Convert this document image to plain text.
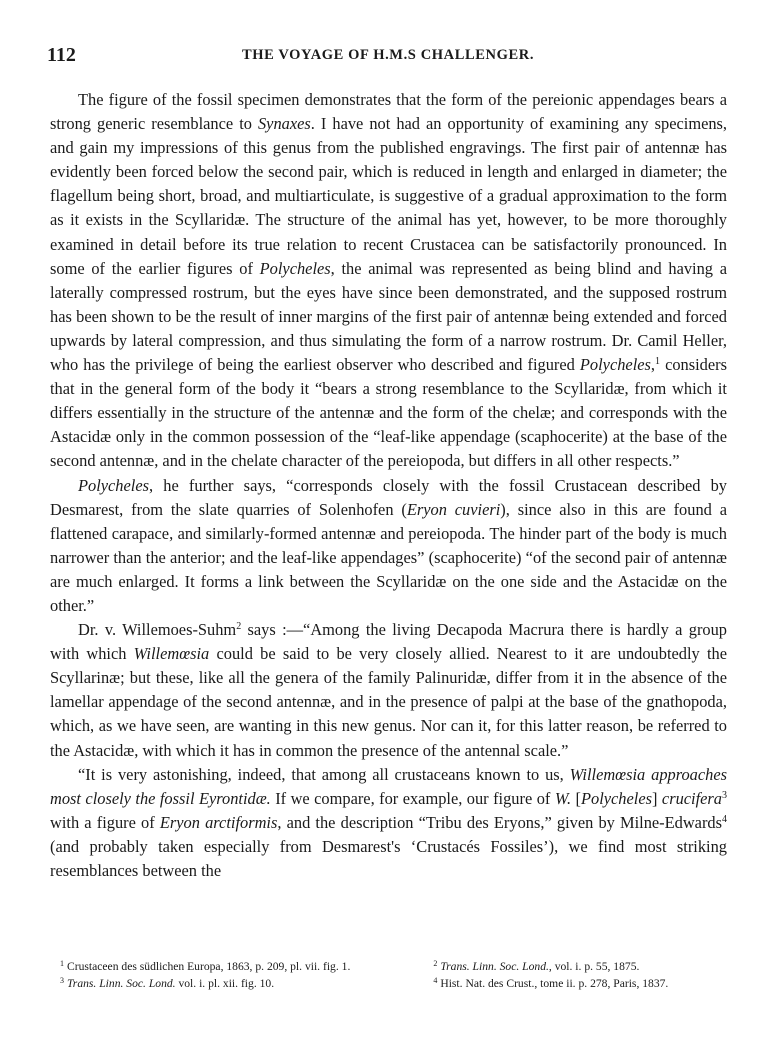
112	THE VOYAGE OF H.M.S CHALLENGER.

The figure of the fossil specimen demonstrates that the form of the pereionic appendages bears a strong generic resemblance to Synaxes. I have not had an opportunity of examining any specimens, and gain my impressions of this genus from the published engravings. The first pair of antennæ has evidently been forced below the second pair, which is reduced in length and enlarged in diameter; the flagellum being short, broad, and multiarticulate, is suggestive of a gradual approximation to the form as it exists in the Scyllaridæ. The structure of the animal has yet, however, to be more thoroughly examined in detail before its true relation to recent Crustacea can be satisfactorily pronounced. In some of the earlier figures of Polycheles, the animal was represented as being blind and having a laterally compressed rostrum, but the eyes have since been demonstrated, and the supposed rostrum has been shown to be the result of inner margins of the first pair of antennæ being extended and forced upwards by lateral compression, and thus simulating the form of a narrow rostrum. Dr. Camil Heller, who has the privilege of being the earliest observer who described and figured Polycheles,$^1$ considers that in the general form of the body it “bears a strong resemblance to the Scyllaridæ, from which it differs essentially in the structure of the antennæ and the form of the chelæ; and corresponds with the Astacidæ only in the common possession of the “leaf-like appendage (scaphocerite) at the base of the second antennæ, and in the chelate character of the pereiopoda, but differs in all other respects.”

Polycheles, he further says, “corresponds closely with the fossil Crustacean described by Desmarest, from the slate quarries of Solenhofen (Eryon cuvieri), since also in this are found a flattened carapace, and similarly-formed antennæ and pereiopoda. The hinder part of the body is much narrower than the anterior; and the leaf-like appendages” (scaphocerite) “of the second pair of antennæ are much enlarged. It forms a link between the Scyllaridæ on the one side and the Astacidæ on the other.”

Dr. v. Willemoes-Suhm$^2$ says :—“Among the living Decapoda Macrura there is hardly a group with which Willemœsia could be said to be very closely allied. Nearest to it are undoubtedly the Scyllarinæ; but these, like all the genera of the family Palinuridæ, differ from it in the absence of the lamellar appendage of the second antennæ, and in the presence of palpi at the base of the gnathopoda, which, as we have seen, are wanting in this new genus. Nor can it, for this latter reason, be referred to the Astacidæ, with which it has in common the presence of the antennal scale.”

“It is very astonishing, indeed, that among all crustaceans known to us, Willemœsia approaches most closely the fossil Eyrontidæ. If we compare, for example, our figure of W. [Polycheles] crucifera$^3$ with a figure of Eryon arctiformis, and the description “Tribu des Eryons,” given by Milne-Edwards$^4$ (and probably taken especially from Desmarest's ‘Crustacés Fossiles’), we find most striking resemblances between the

$^1$ Crustaceen des südlichen Europa, 1863, p. 209, pl. vii. fig. 1.	$^2$ Trans. Linn. Soc. Lond., vol. i. p. 55, 1875.
$^3$ Trans. Linn. Soc. Lond. vol. i. pl. xii. fig. 10.	$^4$ Hist. Nat. des Crust., tome ii. p. 278, Paris, 1837.
